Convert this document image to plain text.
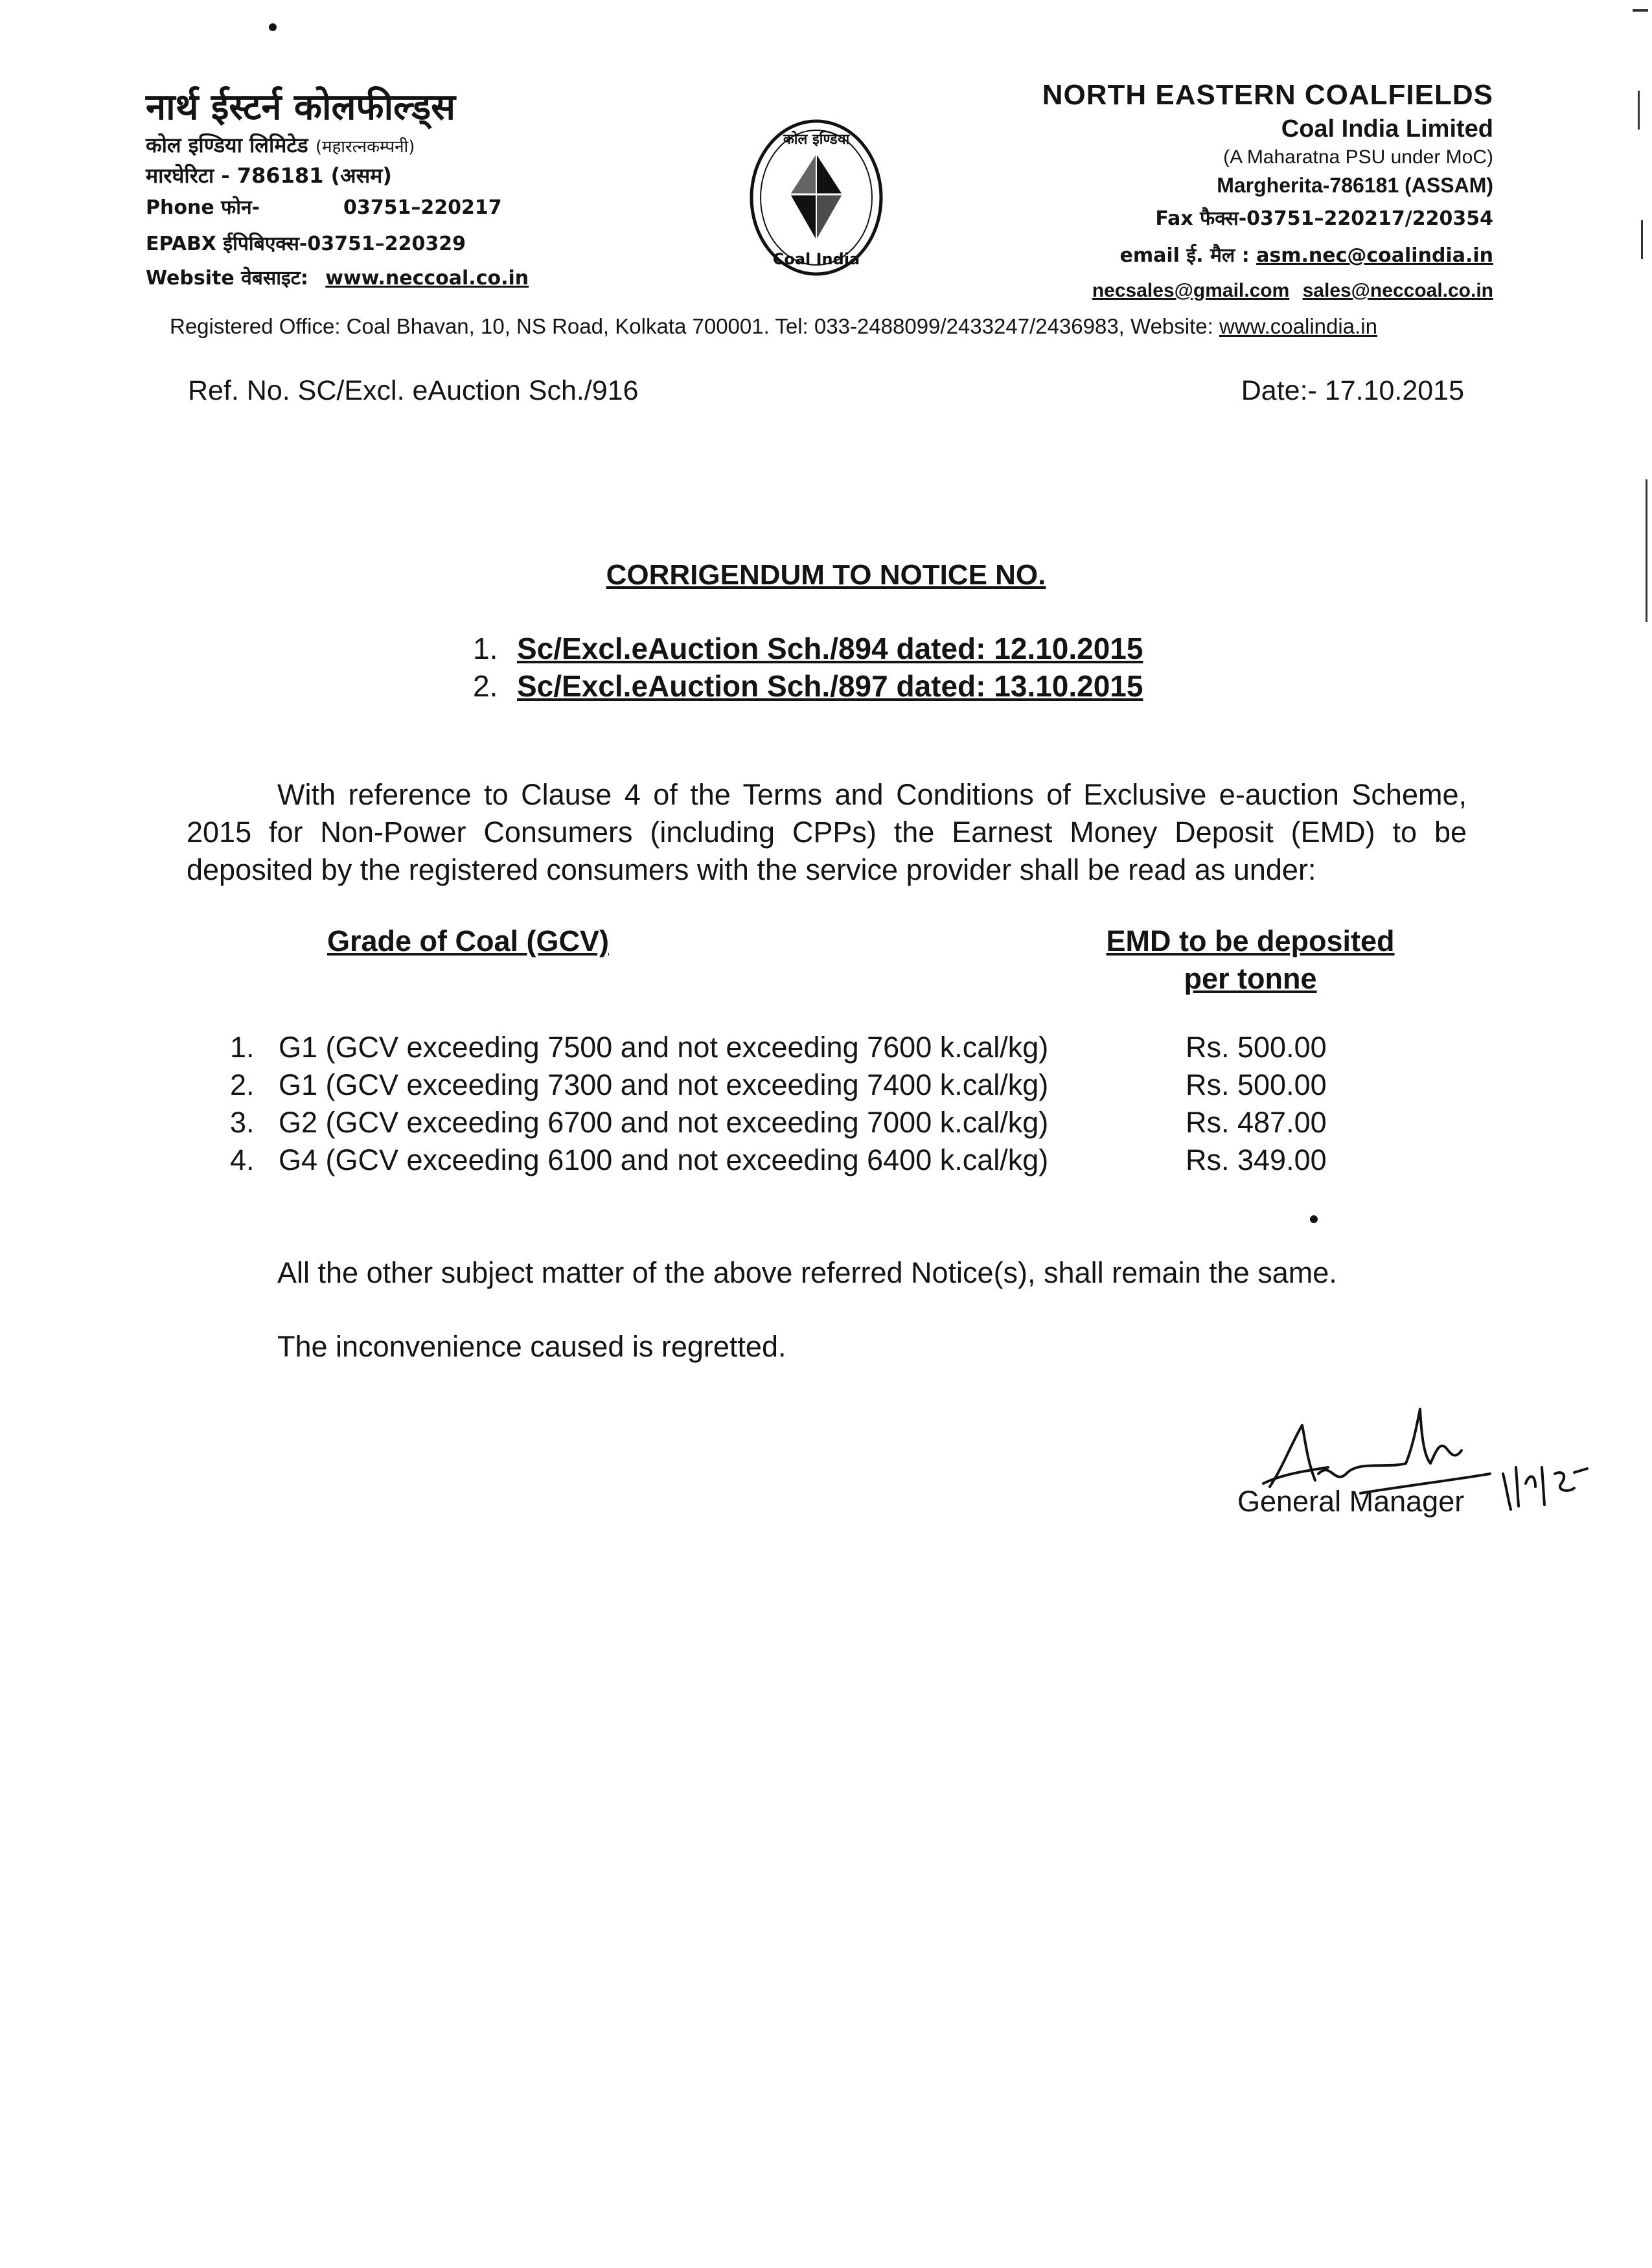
नार्थ ईस्टर्न कोलफील्ड्स
कोल इण्डिया लिमिटेड (महारत्नकम्पनी)
मारघेरिटा - 786181 (असम)
Phone फोन-	03751–220217
EPABX ईपिबिएक्स -03751–220329
Website वेबसाइट: www.neccoal.co.in
कोल इण्डिया
Coal India
NORTH EASTERN COALFIELDS
Coal India Limited
(A Maharatna PSU under MoC)
Margherita-786181 (ASSAM)
Fax फैक्स-03751–220217/220354
email ई. मैल : asm.nec@coalindia.in
necsales@gmail.com sales@neccoal.co.in
Registered Office: Coal Bhavan, 10, NS Road, Kolkata 700001. Tel: 033-2488099/2433247/2436983, Website: www.coalindia.in
Ref. No. SC/Excl. eAuction Sch./916	Date:- 17.10.2015
CORRIGENDUM TO NOTICE NO.
1. Sc/Excl.eAuction Sch./894 dated: 12.10.2015
2. Sc/Excl.eAuction Sch./897 dated: 13.10.2015
With reference to Clause 4 of the Terms and Conditions of Exclusive e-auction Scheme, 2015 for Non-Power Consumers (including CPPs) the Earnest Money Deposit (EMD) to be deposited by the registered consumers with the service provider shall be read as under:
Grade of Coal (GCV)	EMD to be deposited
per tonne
1. G1 (GCV exceeding 7500 and not exceeding 7600 k.cal/kg)	Rs. 500.00
2. G1 (GCV exceeding 7300 and not exceeding 7400 k.cal/kg)	Rs. 500.00
3. G2 (GCV exceeding 6700 and not exceeding 7000 k.cal/kg)	Rs. 487.00
4. G4 (GCV exceeding 6100 and not exceeding 6400 k.cal/kg)	Rs. 349.00
All the other subject matter of the above referred Notice(s), shall remain the same.
The inconvenience caused is regretted.
General Manager
